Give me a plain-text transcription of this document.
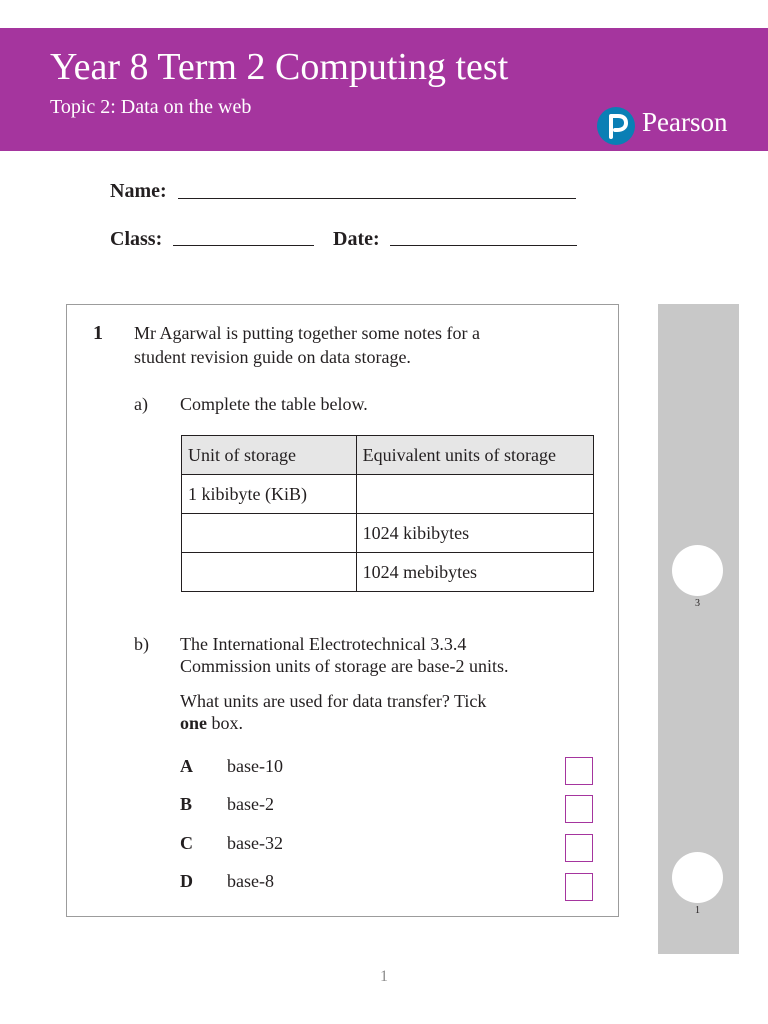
Year 8 Term 2 Computing test
Topic 2: Data on the web	Pearson
Name:
Class:	Date:
1 Mr Agarwal is putting together some notes for a
student revision guide on data storage.
a) Complete the table below.
Unit of storage	Equivalent units of storage
1 kibibyte (KiB)	
	1024 kibibytes
	1024 mebibytes
b) The International Electrotechnical 3.3.4
Commission units of storage are base-2 units.
What units are used for data transfer? Tick
one box.
A base-10
B base-2
C base-32
D base-8
3
1
1
